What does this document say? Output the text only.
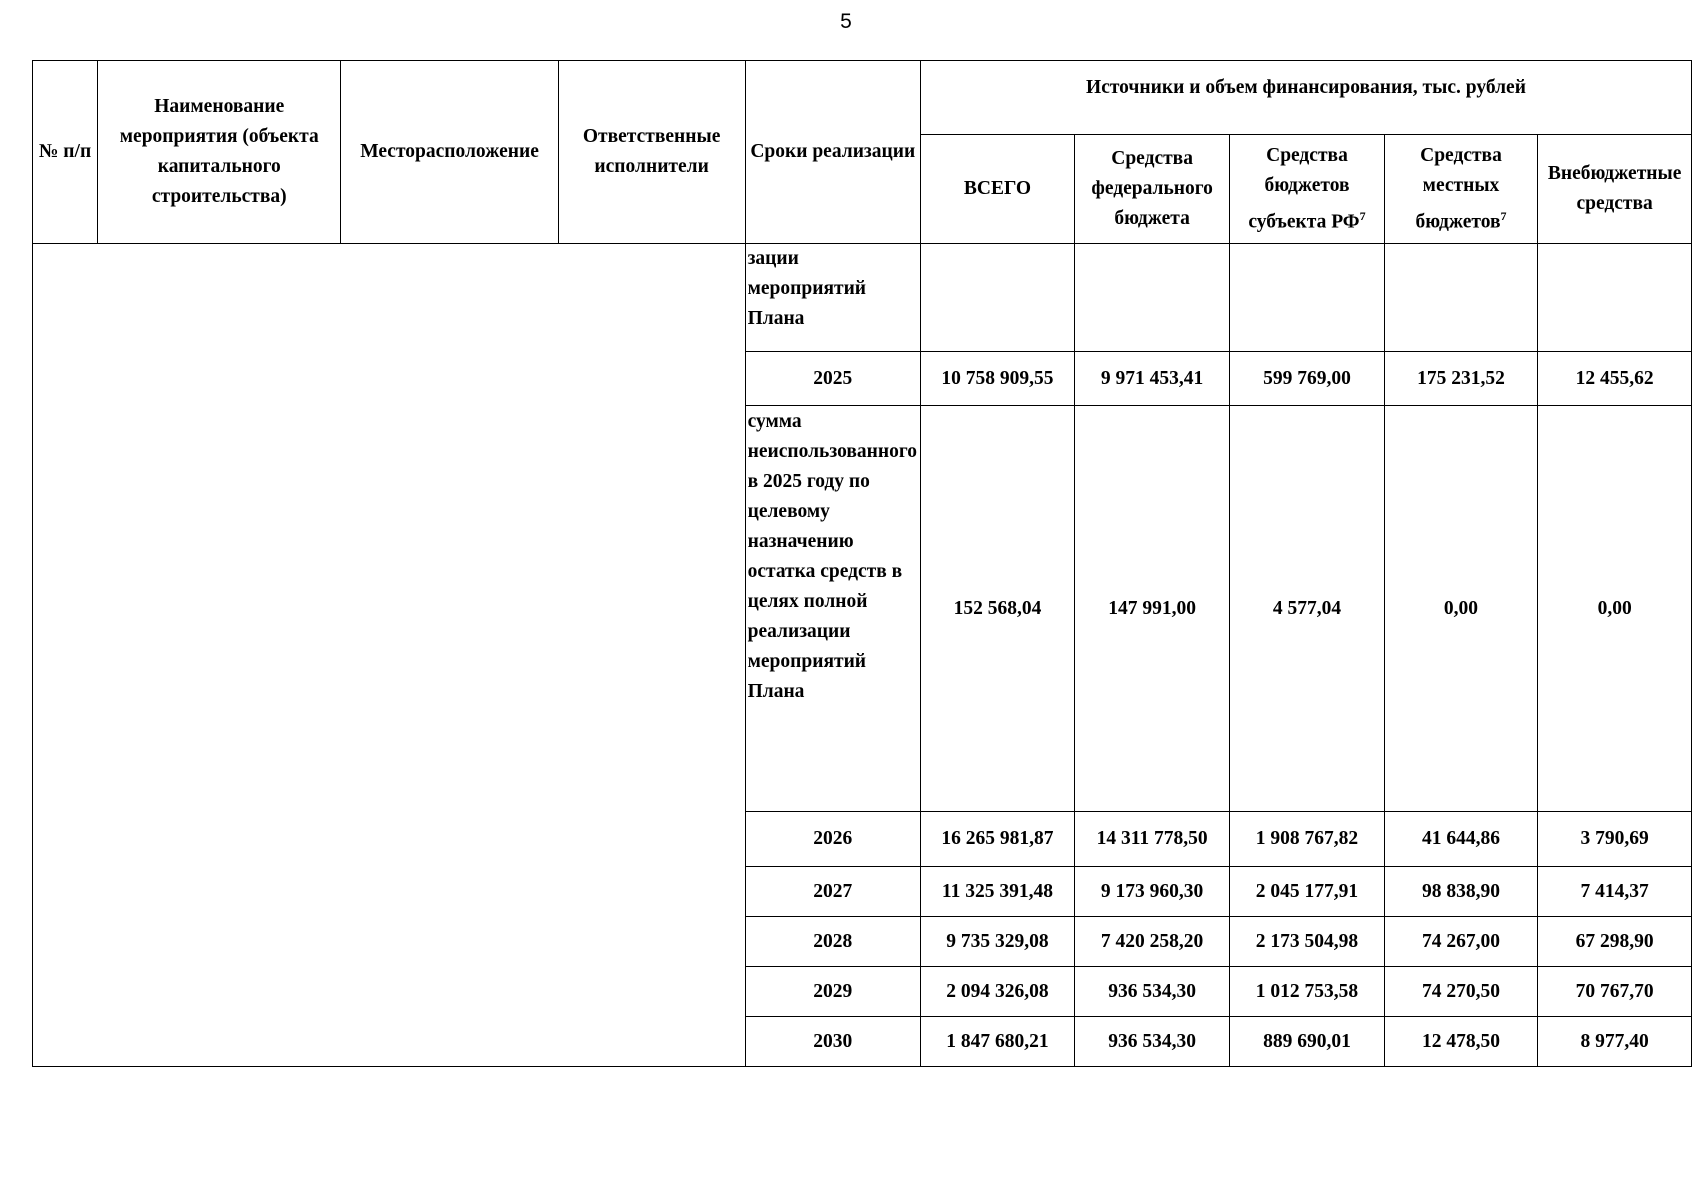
5
№ п/п	Наименование мероприятия (объекта капитального строительства)	Месторасположение	Ответственные исполнители	Сроки реализации	Источники и объем финансирования, тыс. рублей				
					ВСЕГО	Средства федерального бюджета	Средства бюджетов субъекта $РФ^7$	Средства местных бюджетов$^7$	Внебюджетные средства
				зации мероприятий Плана					
				2025	10 758 909,55	9 971 453,41	599 769,00	175 231,52	12 455,62
				сумма неиспользованного в 2025 году по целевому назначению остатка средств в целях полной реализации мероприятий Плана	152 568,04	147 991,00	4 577,04	0,00	0,00
				2026	16 265 981,87	14 311 778,50	1 908 767,82	41 644,86	3 790,69
				2027	11 325 391,48	9 173 960,30	2 045 177,91	98 838,90	7 414,37
				2028	9 735 329,08	7 420 258,20	2 173 504,98	74 267,00	67 298,90
				2029	2 094 326,08	936 534,30	1 012 753,58	74 270,50	70 767,70
				2030	1 847 680,21	936 534,30	889 690,01	12 478,50	8 977,40
